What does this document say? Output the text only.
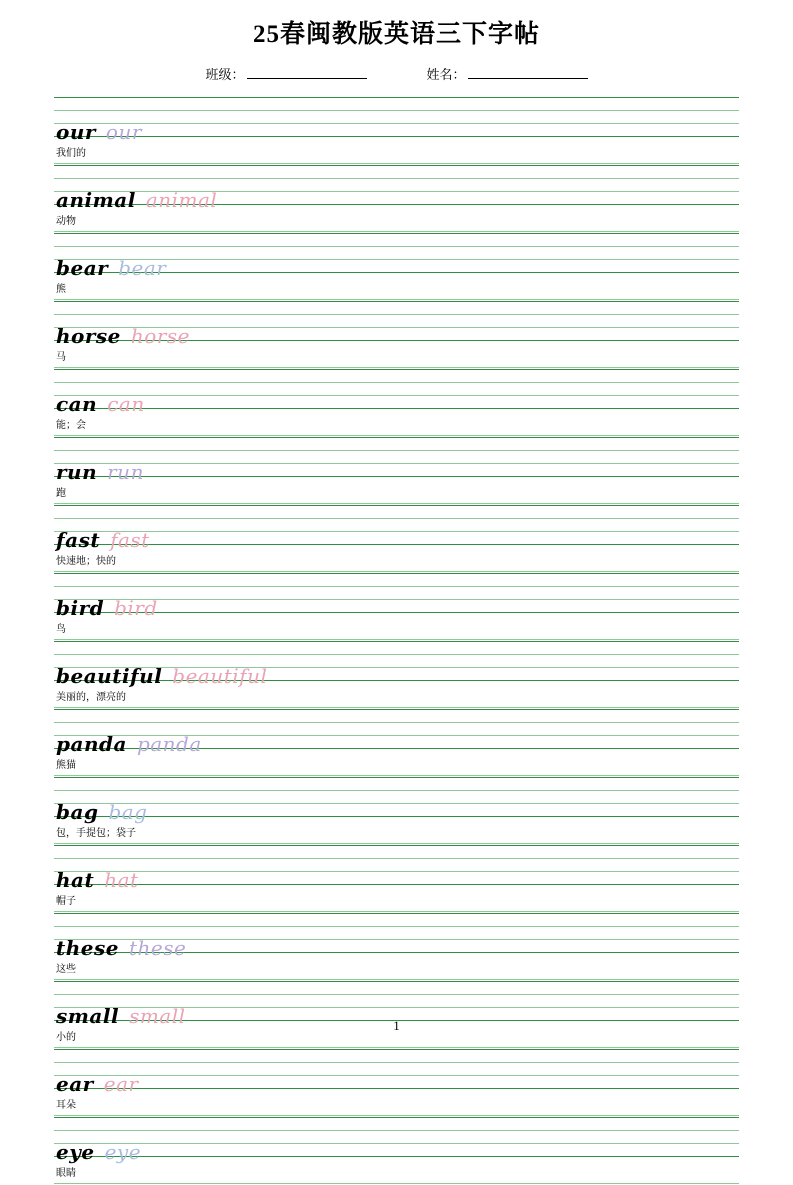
25春闽教版英语三下字帖
班级：	姓名：
our our
我们的
animal animal
动物
bear bear
熊
horse horse
马
can can
能；会
run run
跑
fast fast
快速地；快的
bird bird
鸟
beautiful beautiful
美丽的，漂亮的
panda panda
熊猫
bag bag
包，手提包；袋子
hat hat
帽子
these these
这些
small small
小的
ear ear
耳朵
eye eye
眼睛
1
